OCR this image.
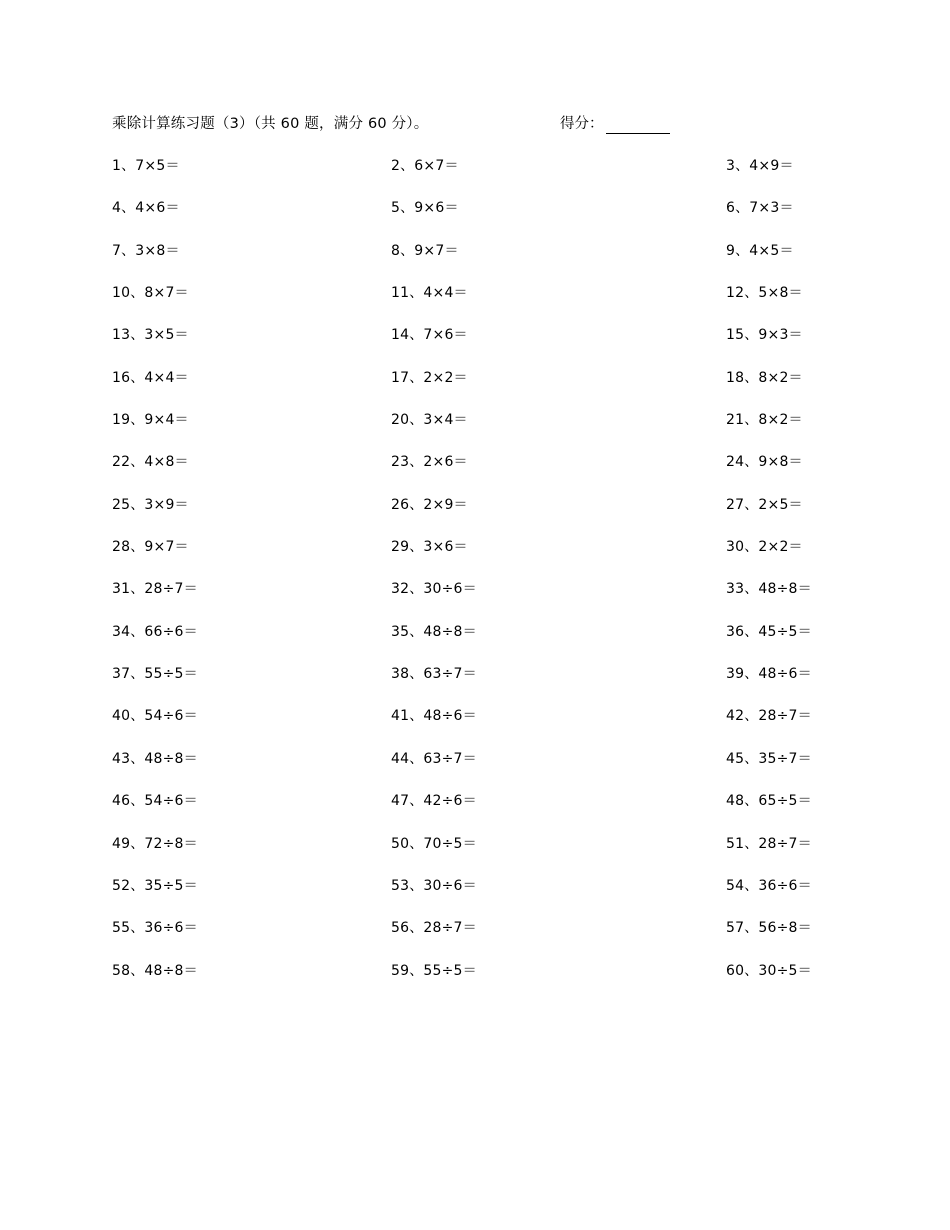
乘除计算练习题（3）（共 60 题，满分 60 分）。	得分：
1、7×5＝	2、6×7＝	3、4×9＝
4、4×6＝	5、9×6＝	6、7×3＝
7、3×8＝	8、9×7＝	9、4×5＝
10、8×7＝	11、4×4＝	12、5×8＝
13、3×5＝	14、7×6＝	15、9×3＝
16、4×4＝	17、2×2＝	18、8×2＝
19、9×4＝	20、3×4＝	21、8×2＝
22、4×8＝	23、2×6＝	24、9×8＝
25、3×9＝	26、2×9＝	27、2×5＝
28、9×7＝	29、3×6＝	30、2×2＝
31、28÷7＝	32、30÷6＝	33、48÷8＝
34、66÷6＝	35、48÷8＝	36、45÷5＝
37、55÷5＝	38、63÷7＝	39、48÷6＝
40、54÷6＝	41、48÷6＝	42、28÷7＝
43、48÷8＝	44、63÷7＝	45、35÷7＝
46、54÷6＝	47、42÷6＝	48、65÷5＝
49、72÷8＝	50、70÷5＝	51、28÷7＝
52、35÷5＝	53、30÷6＝	54、36÷6＝
55、36÷6＝	56、28÷7＝	57、56÷8＝
58、48÷8＝	59、55÷5＝	60、30÷5＝
